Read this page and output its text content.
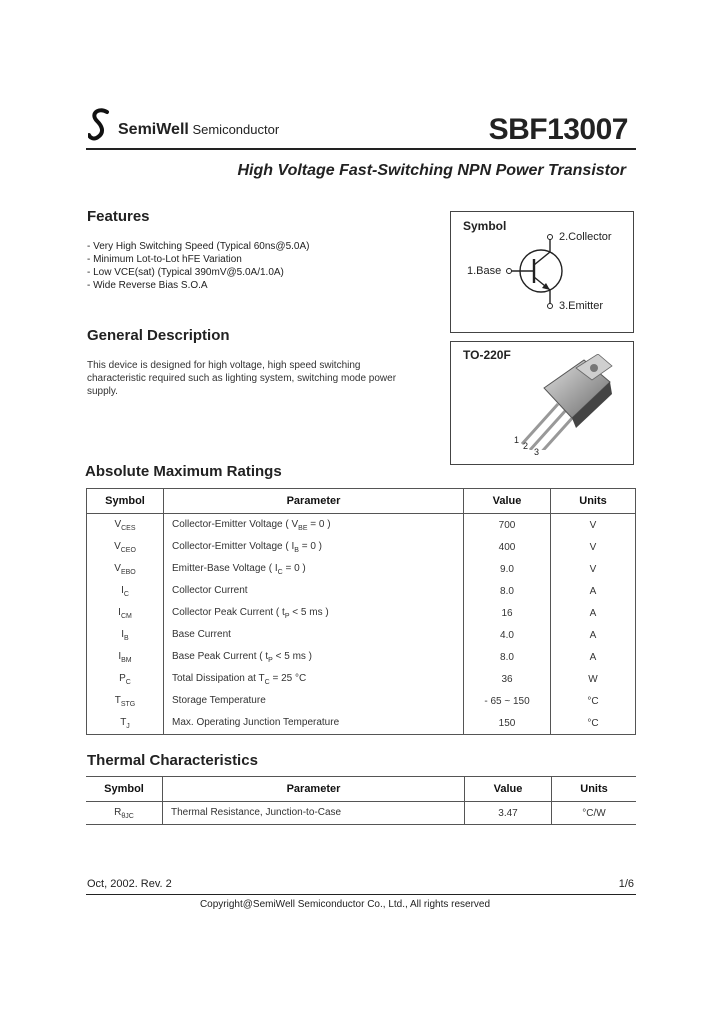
SemiWell Semiconductor	SBF13007
High Voltage Fast-Switching NPN Power Transistor
Features
- Very High Switching Speed (Typical 60ns@5.0A)
- Minimum Lot-to-Lot hFE Variation
- Low VCE(sat) (Typical 390mV@5.0A/1.0A)
- Wide Reverse Bias S.O.A
General Description
This device is designed for high voltage, high speed switching characteristic required such as lighting system, switching mode power supply.
Symbol
2.Collector
1.Base
3.Emitter
TO-220F
1
2
3
Absolute Maximum Ratings
Symbol	Parameter	Value	Units
$V_{CES}$	Collector-Emitter Voltage ( $V_{BE} = 0$ )	700	V
$V_{CEO}$	Collector-Emitter Voltage ( $I_B = 0$ )	400	V
$V_{EBO}$	Emitter-Base Voltage ( $I_C = 0$ )	9.0	V
$I_C$	Collector Current	8.0	A
$I_{CM}$	Collector Peak Current ( $t_P < 5$ ms )	16	A
$I_B$	Base Current	4.0	A
$I_{BM}$	Base Peak Current ( $t_P < 5$ ms )	8.0	A
$P_C$	Total Dissipation at $T_C = 25$ °C	36	W
$T_{STG}$	Storage Temperature	- 65 ~ 150	°C
$T_J$	Max. Operating Junction Temperature	150	°C
Thermal Characteristics
Symbol	Parameter	Value	Units
$R_{\theta JC}$	Thermal Resistance, Junction-to-Case	3.47	°C/W
Oct, 2002. Rev. 2	1/6
Copyright@SemiWell Semiconductor Co., Ltd., All rights reserved
